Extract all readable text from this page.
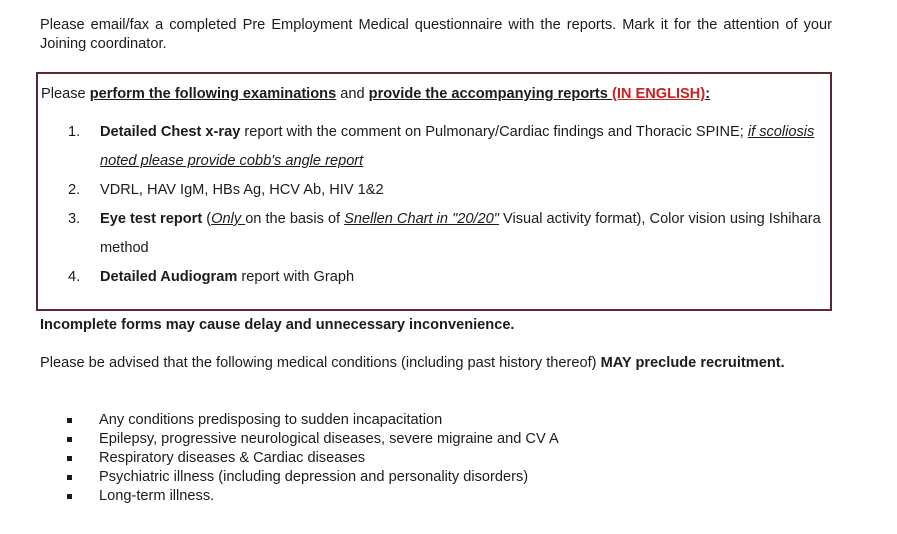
Please email/fax a completed Pre Employment Medical questionnaire with the reports. Mark it for the attention of your Joining coordinator.

Please perform the following examinations and provide the accompanying reports (IN ENGLISH):
1. Detailed Chest x-ray report with the comment on Pulmonary/Cardiac findings and Thoracic SPINE; if scoliosis noted please provide cobb's angle report
2. VDRL, HAV IgM, HBs Ag, HCV Ab, HIV 1&2
3. Eye test report (Only on the basis of Snellen Chart in "20/20" Visual activity format), Color vision using Ishihara method
4. Detailed Audiogram report with Graph
Incomplete forms may cause delay and unnecessary inconvenience.

Please be advised that the following medical conditions (including past history thereof) MAY preclude recruitment.

Any conditions predisposing to sudden incapacitation
Epilepsy, progressive neurological diseases, severe migraine and CV A
Respiratory diseases & Cardiac diseases
Psychiatric illness (including depression and personality disorders)
Long-term illness.
